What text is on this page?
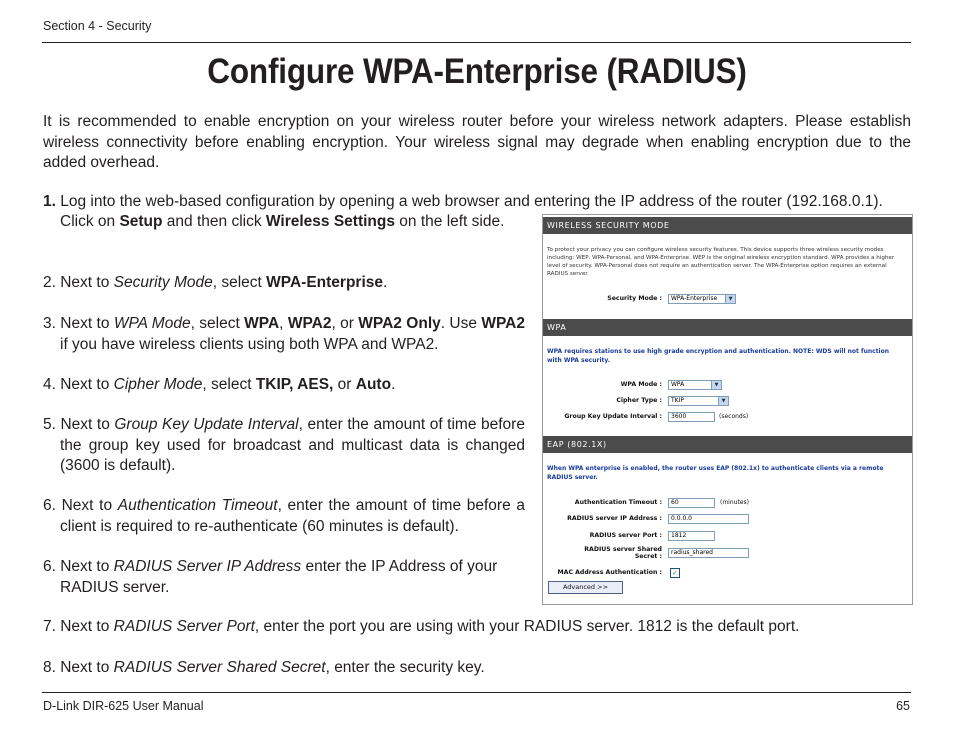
Section 4 - Security
Configure WPA-Enterprise (RADIUS)

It is recommended to enable encryption on your wireless router before your wireless network adapters. Please establish wireless connectivity before enabling encryption. Your wireless signal may degrade when enabling encryption due to the added overhead.

1. Log into the web-based configuration by opening a web browser and entering the IP address of the router (192.168.0.1).

Click on Setup and then click Wireless Settings on the left side.

2. Next to Security Mode, select WPA-Enterprise.

3. Next to WPA Mode, select WPA, WPA2, or WPA2 Only. Use WPA2 if you have wireless clients using both WPA and WPA2.

4. Next to Cipher Mode, select TKIP, AES, or Auto.

5. Next to Group Key Update Interval, enter the amount of time before the group key used for broadcast and multicast data is changed (3600 is default).

6. Next to Authentication Timeout, enter the amount of time before a client is required to re-authenticate (60 minutes is default).

6. Next to RADIUS Server IP Address enter the IP Address of your RADIUS server.

7. Next to RADIUS Server Port, enter the port you are using with your RADIUS server. 1812 is the default port.

8. Next to RADIUS Server Shared Secret, enter the security key.

WIRELESS SECURITY MODE
To protect your privacy you can configure wireless security features. This device supports three wireless security modes including: WEP, WPA-Personal, and WPA-Enterprise. WEP is the original wireless encryption standard. WPA provides a higher level of security. WPA-Personal does not require an authentication server. The WPA-Enterprise option requires an external RADIUS server.
Security Mode :	WPA-Enterprise	▼
WPA
WPA requires stations to use high grade encryption and authentication. NOTE: WDS will not function with WPA security.
WPA Mode :	WPA	▼
Cipher Type :	TKIP	▼
Group Key Update Interval :	3600	(seconds)
EAP (802.1X)
When WPA enterprise is enabled, the router uses EAP (802.1x) to authenticate clients via a remote RADIUS server.
Authentication Timeout :	60	(minutes)
RADIUS server IP Address :	0.0.0.0
RADIUS server Port :	1812
RADIUS server Shared
Secret :
radius_shared
MAC Address Authentication : ✓
Advanced >>
D-Link DIR-625 User Manual	65
